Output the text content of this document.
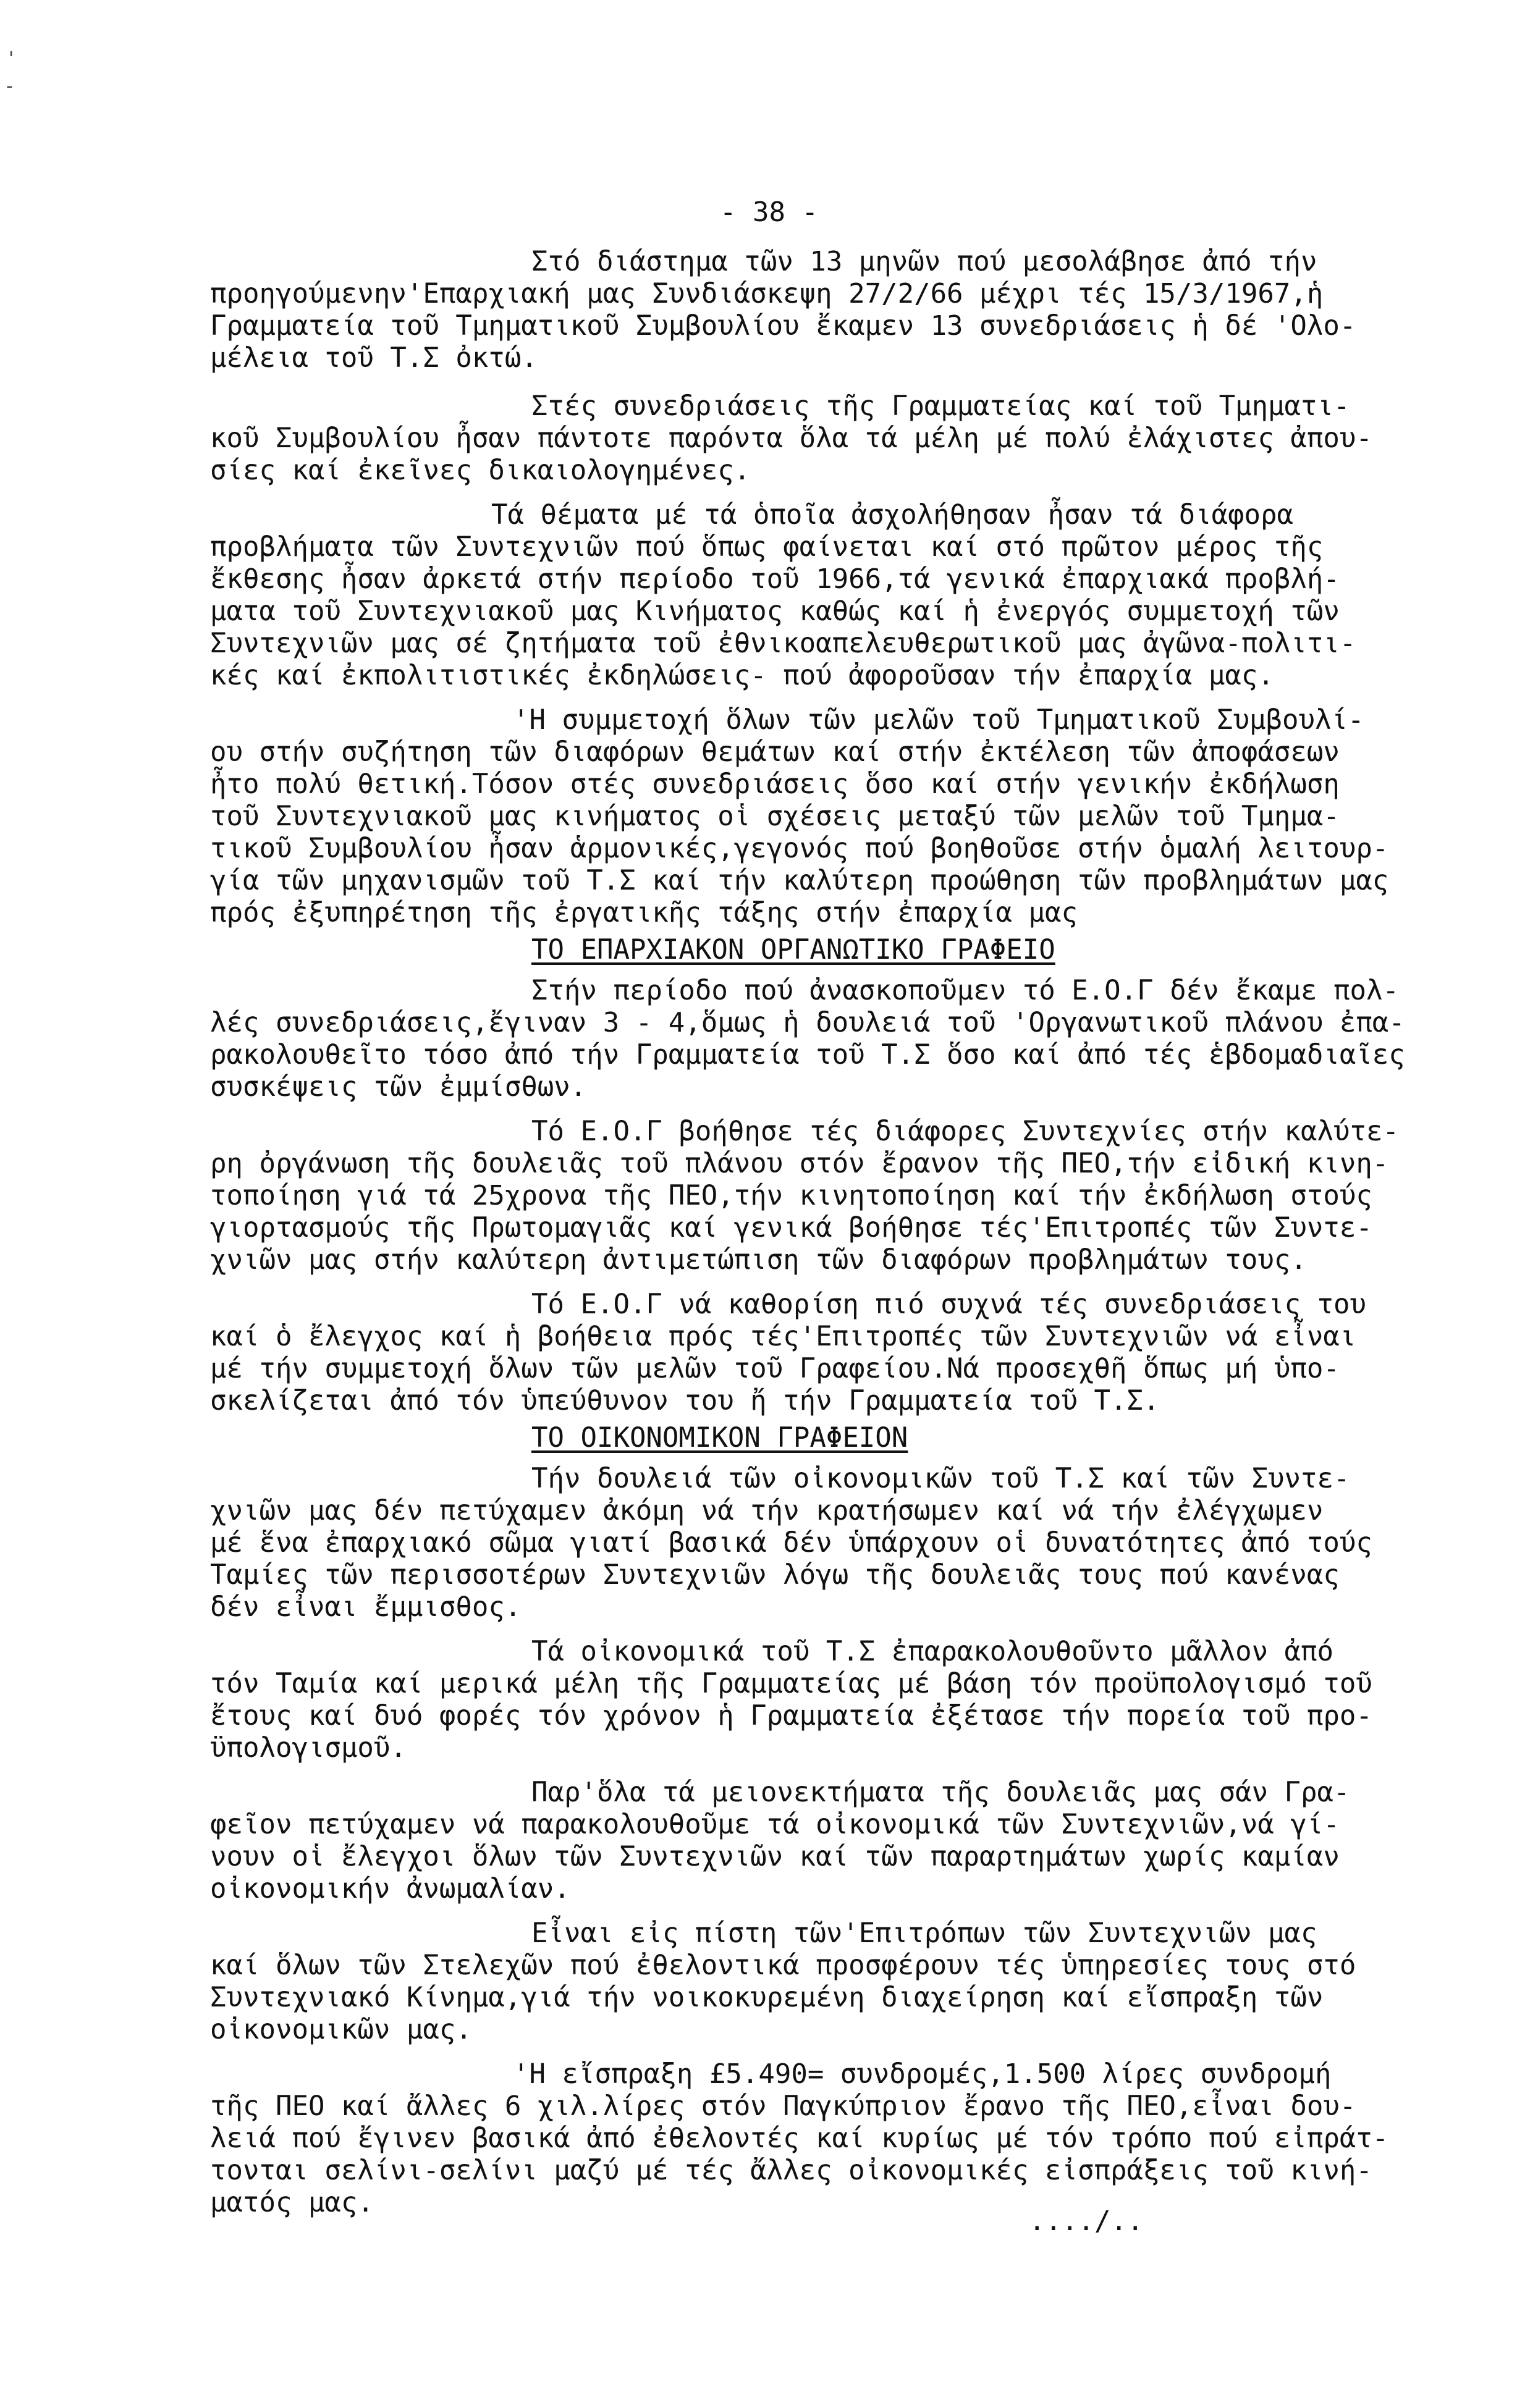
'
-

- 38 -

Στό διάστημα τῶν 13 μηνῶν πού μεσολάβησε ἀπό τήν

προηγούμενην'Επαρχιακή μας Συνδιάσκεψη 27/2/66 μέχρι τές 15/3/1967,ἡ

Γραμματεία τοῦ Τμηματικοῦ Συμβουλίου ἔκαμεν 13 συνεδριάσεις ἡ δέ 'Ολο-

μέλεια τοῦ Τ.Σ ὀκτώ.

Στές συνεδριάσεις τῆς Γραμματείας καί τοῦ Τμηματι-

κοῦ Συμβουλίου ἦσαν πάντοτε παρόντα ὅλα τά μέλη μέ πολύ ἐλάχιστες ἀπου-

σίες καί ἐκεῖνες δικαιολογημένες.

Τά θέματα μέ τά ὁποῖα ἀσχολήθησαν ἦσαν τά διάφορα

προβλήματα τῶν Συντεχνιῶν πού ὅπως φαίνεται καί στό πρῶτον μέρος τῆς

ἔκθεσης ἦσαν ἀρκετά στήν περίοδο τοῦ 1966,τά γενικά ἐπαρχιακά προβλή-

ματα τοῦ Συντεχνιακοῦ μας Κινήματος καθώς καί ἡ ἐνεργός συμμετοχή τῶν

Συντεχνιῶν μας σέ ζητήματα τοῦ ἐθνικοαπελευθερωτικοῦ μας ἀγῶνα-πολιτι-

κές καί ἐκπολιτιστικές ἐκδηλώσεις- πού ἀφοροῦσαν τήν ἐπαρχία μας.

'Η συμμετοχή ὅλων τῶν μελῶν τοῦ Τμηματικοῦ Συμβουλί-

ου στήν συζήτηση τῶν διαφόρων θεμάτων καί στήν ἐκτέλεση τῶν ἀποφάσεων

ἦτο πολύ θετική.Τόσον στές συνεδριάσεις ὅσο καί στήν γενικήν ἐκδήλωση

τοῦ Συντεχνιακοῦ μας κινήματος οἱ σχέσεις μεταξύ τῶν μελῶν τοῦ Τμημα-

τικοῦ Συμβουλίου ἦσαν ἁρμονικές,γεγονός πού βοηθοῦσε στήν ὁμαλή λειτουρ-

γία τῶν μηχανισμῶν τοῦ Τ.Σ καί τήν καλύτερη προώθηση τῶν προβλημάτων μας

πρός ἐξυπηρέτηση τῆς ἐργατικῆς τάξης στήν ἐπαρχία μας

ΤΟ ΕΠΑΡΧΙΑΚΟΝ ΟΡΓΑΝΩΤΙΚΟ ΓΡΑΦΕΙΟ

Στήν περίοδο πού ἀνασκοποῦμεν τό Ε.Ο.Γ δέν ἔκαμε πολ-

λές συνεδριάσεις,ἔγιναν 3 - 4,ὅμως ἡ δουλειά τοῦ 'Οργανωτικοῦ πλάνου ἐπα-

ρακολουθεῖτο τόσο ἀπό τήν Γραμματεία τοῦ Τ.Σ ὅσο καί ἀπό τές ἑβδομαδιαῖες

συσκέψεις τῶν ἐμμίσθων.

Τό Ε.Ο.Γ βοήθησε τές διάφορες Συντεχνίες στήν καλύτε-

ρη ὀργάνωση τῆς δουλειᾶς τοῦ πλάνου στόν ἔρανον τῆς ΠΕΟ,τήν εἰδική κινη-

τοποίηση γιά τά 25χρονα τῆς ΠΕΟ,τήν κινητοποίηση καί τήν ἐκδήλωση στούς

γιορτασμούς τῆς Πρωτομαγιᾶς καί γενικά βοήθησε τές'Επιτροπές τῶν Συντε-

χνιῶν μας στήν καλύτερη ἀντιμετώπιση τῶν διαφόρων προβλημάτων τους.

Τό Ε.Ο.Γ νά καθορίση πιό συχνά τές συνεδριάσεις του

καί ὁ ἔλεγχος καί ἡ βοήθεια πρός τές'Επιτροπές τῶν Συντεχνιῶν νά εἶναι

μέ τήν συμμετοχή ὅλων τῶν μελῶν τοῦ Γραφείου.Νά προσεχθῆ ὅπως μή ὑπο-

σκελίζεται ἀπό τόν ὑπεύθυνον του ἤ τήν Γραμματεία τοῦ Τ.Σ.

ΤΟ ΟΙΚΟΝΟΜΙΚΟΝ ΓΡΑΦΕΙΟΝ

Τήν δουλειά τῶν οἰκονομικῶν τοῦ Τ.Σ καί τῶν Συντε-

χνιῶν μας δέν πετύχαμεν ἀκόμη νά τήν κρατήσωμεν καί νά τήν ἐλέγχωμεν

μέ ἕνα ἐπαρχιακό σῶμα γιατί βασικά δέν ὑπάρχουν οἱ δυνατότητες ἀπό τούς

Ταμίες τῶν περισσοτέρων Συντεχνιῶν λόγω τῆς δουλειᾶς τους πού κανένας

δέν εἶναι ἔμμισθος.

Τά οἰκονομικά τοῦ Τ.Σ ἐπαρακολουθοῦντο μᾶλλον ἀπό

τόν Ταμία καί μερικά μέλη τῆς Γραμματείας μέ βάση τόν προϋπολογισμό τοῦ

ἔτους καί δυό φορές τόν χρόνον ἡ Γραμματεία ἐξέτασε τήν πορεία τοῦ προ-

ϋπολογισμοῦ.

Παρ'ὅλα τά μειονεκτήματα τῆς δουλειᾶς μας σάν Γρα-

φεῖον πετύχαμεν νά παρακολουθοῦμε τά οἰκονομικά τῶν Συντεχνιῶν,νά γί-

νουν οἱ ἔλεγχοι ὅλων τῶν Συντεχνιῶν καί τῶν παραρτημάτων χωρίς καμίαν

οἰκονομικήν ἀνωμαλίαν.

Εἶναι εἰς πίστη τῶν'Επιτρόπων τῶν Συντεχνιῶν μας

καί ὅλων τῶν Στελεχῶν πού ἐθελοντικά προσφέρουν τές ὑπηρεσίες τους στό

Συντεχνιακό Κίνημα,γιά τήν νοικοκυρεμένη διαχείρηση καί εἴσπραξη τῶν

οἰκονομικῶν μας.

'Η εἴσπραξη £5.490= συνδρομές,1.500 λίρες συνδρομή

τῆς ΠΕΟ καί ἄλλες 6 χιλ.λίρες στόν Παγκύπριον ἔρανο τῆς ΠΕΟ,εἶναι δου-

λειά πού ἔγινεν βασικά ἀπό ἐθελοντές καί κυρίως μέ τόν τρόπο πού εἰπράτ-

τονται σελίνι-σελίνι μαζύ μέ τές ἄλλες οἰκονομικές εἰσπράξεις τοῦ κινή-

ματός μας.

..../..
